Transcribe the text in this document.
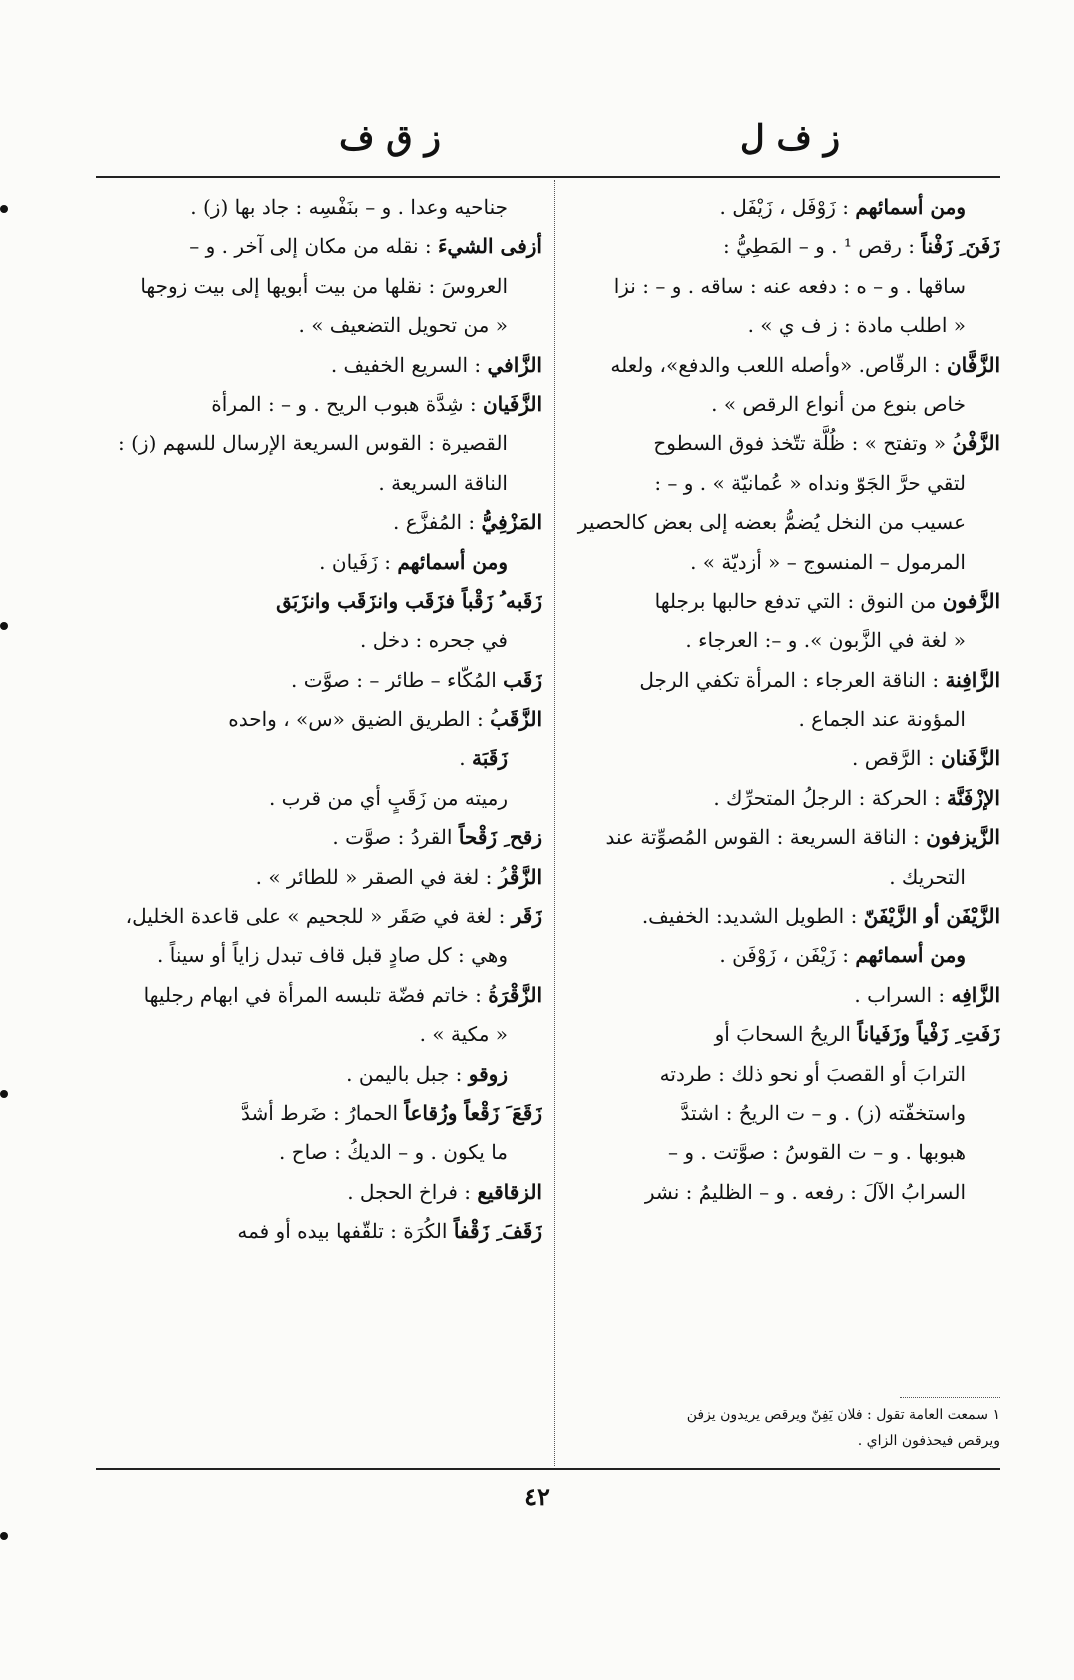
ز ف ل
ز ق ف
ومن أسمائهم : زَوْفَل ، زَيْفَل .
زَفَنَ ِ زَفْناً : رقص ¹ . و – المَطِيُّ :
ساقها . و – ه : دفعه عنه : ساقه . و – : نزا
« اطلب مادة : ز ف ي » .
الزَّفَّان : الرقّاص. «وأصله اللعب والدفع»، ولعله
خاص بنوع من أنواع الرقص » .
الزَّفْنُ « وتفتح » : ظُلَّة تتّخذ فوق السطوح
لتقي حرَّ الجَوّ ونداه « عُمانيّة » . و – :
عسيب من النخل يُضمُّ بعضه إلى بعض كالحصير
المرمول – المنسوج – « أزديّة » .
الزَّفون من النوق : التي تدفع حالبها برجلها
« لغة في الزَّبون ». و –: العرجاء .
الزَّافِنة : الناقة العرجاء : المرأة تكفي الرجل
المؤونة عند الجماع .
الزَّفَنان : الرَّقص .
الإزْفَنَّة : الحركة : الرجلُ المتحرِّك .
الزَّيزفون : الناقة السريعة : القوس المُصوِّتة عند
التحريك .
الزَّيْفَن أو الزَّيْفَنّ : الطويل الشديد: الخفيف.
ومن أسمائهم : زَيْفَن ، زَوْفَن .
الزَّافِه : السراب .
زَفَتِ ِ زَفْياً وزَفَياناً الريحُ السحابَ أو
الترابَ أو القصبَ أو نحو ذلك : طردته
واستخفّته (ز) . و – ت الريحُ : اشتدَّ
هبوبها . و – ت القوسُ : صوَّتت . و –
السرابُ الآلَ : رفعه . و – الظليمُ : نشر
جناحيه وعدا . و – بنَفْسِه : جاد بها (ز) .
أزفى الشيءَ : نقله من مكان إلى آخر . و –
العروسَ : نقلها من بيت أبويها إلى بيت زوجها
« من تحويل التضعيف » .
الزَّافي : السريع الخفيف .
الزَّفَيان : شِدَّة هبوب الريح . و – : المرأة
القصيرة : القوس السريعة الإرسال للسهم (ز) :
الناقة السريعة .
المَزْفِيُّ : المُفزَّع .
ومن أسمائهم : زَفَيان .
زَقَبه ُ زَقْباً فزَقَب وانزَقَب وانزَبَق
في جحره : دخل .
زَقَب المُكّاء – طائر – : صوَّت .
الزَّقَبُ : الطريق الضيق «س» ، واحده
زَقَبَة .
رميته من زَقَبٍ أي من قرب .
زقح ِ زَقْحاً القردُ : صوَّت .
الزَّقْرُ : لغة في الصقر « للطائر » .
زَقَر : لغة في صَقَر « للجحيم » على قاعدة الخليل،
وهي : كل صادٍ قبل قاف تبدل زاياً أو سيناً .
الزَّقْرَةُ : خاتم فضّة تلبسه المرأة في ابهام رجليها
« مكية » .
زوقو : جبل باليمن .
زَقَعَ َ زَقْعاً وزُقاعاً الحمارُ : ضَرط أشدَّ
ما يكون . و – الديكُ : صاح .
الزقاقيع : فراخ الحجل .
زَقَفَ ِ زَقْفاً الكُرَة : تلقّفها بيده أو فمه
١ سمعت العامة تقول : فلان يَفِنّ ويرقص يريدون يزفن
ويرقص فيحذفون الزاي .
٤٢
